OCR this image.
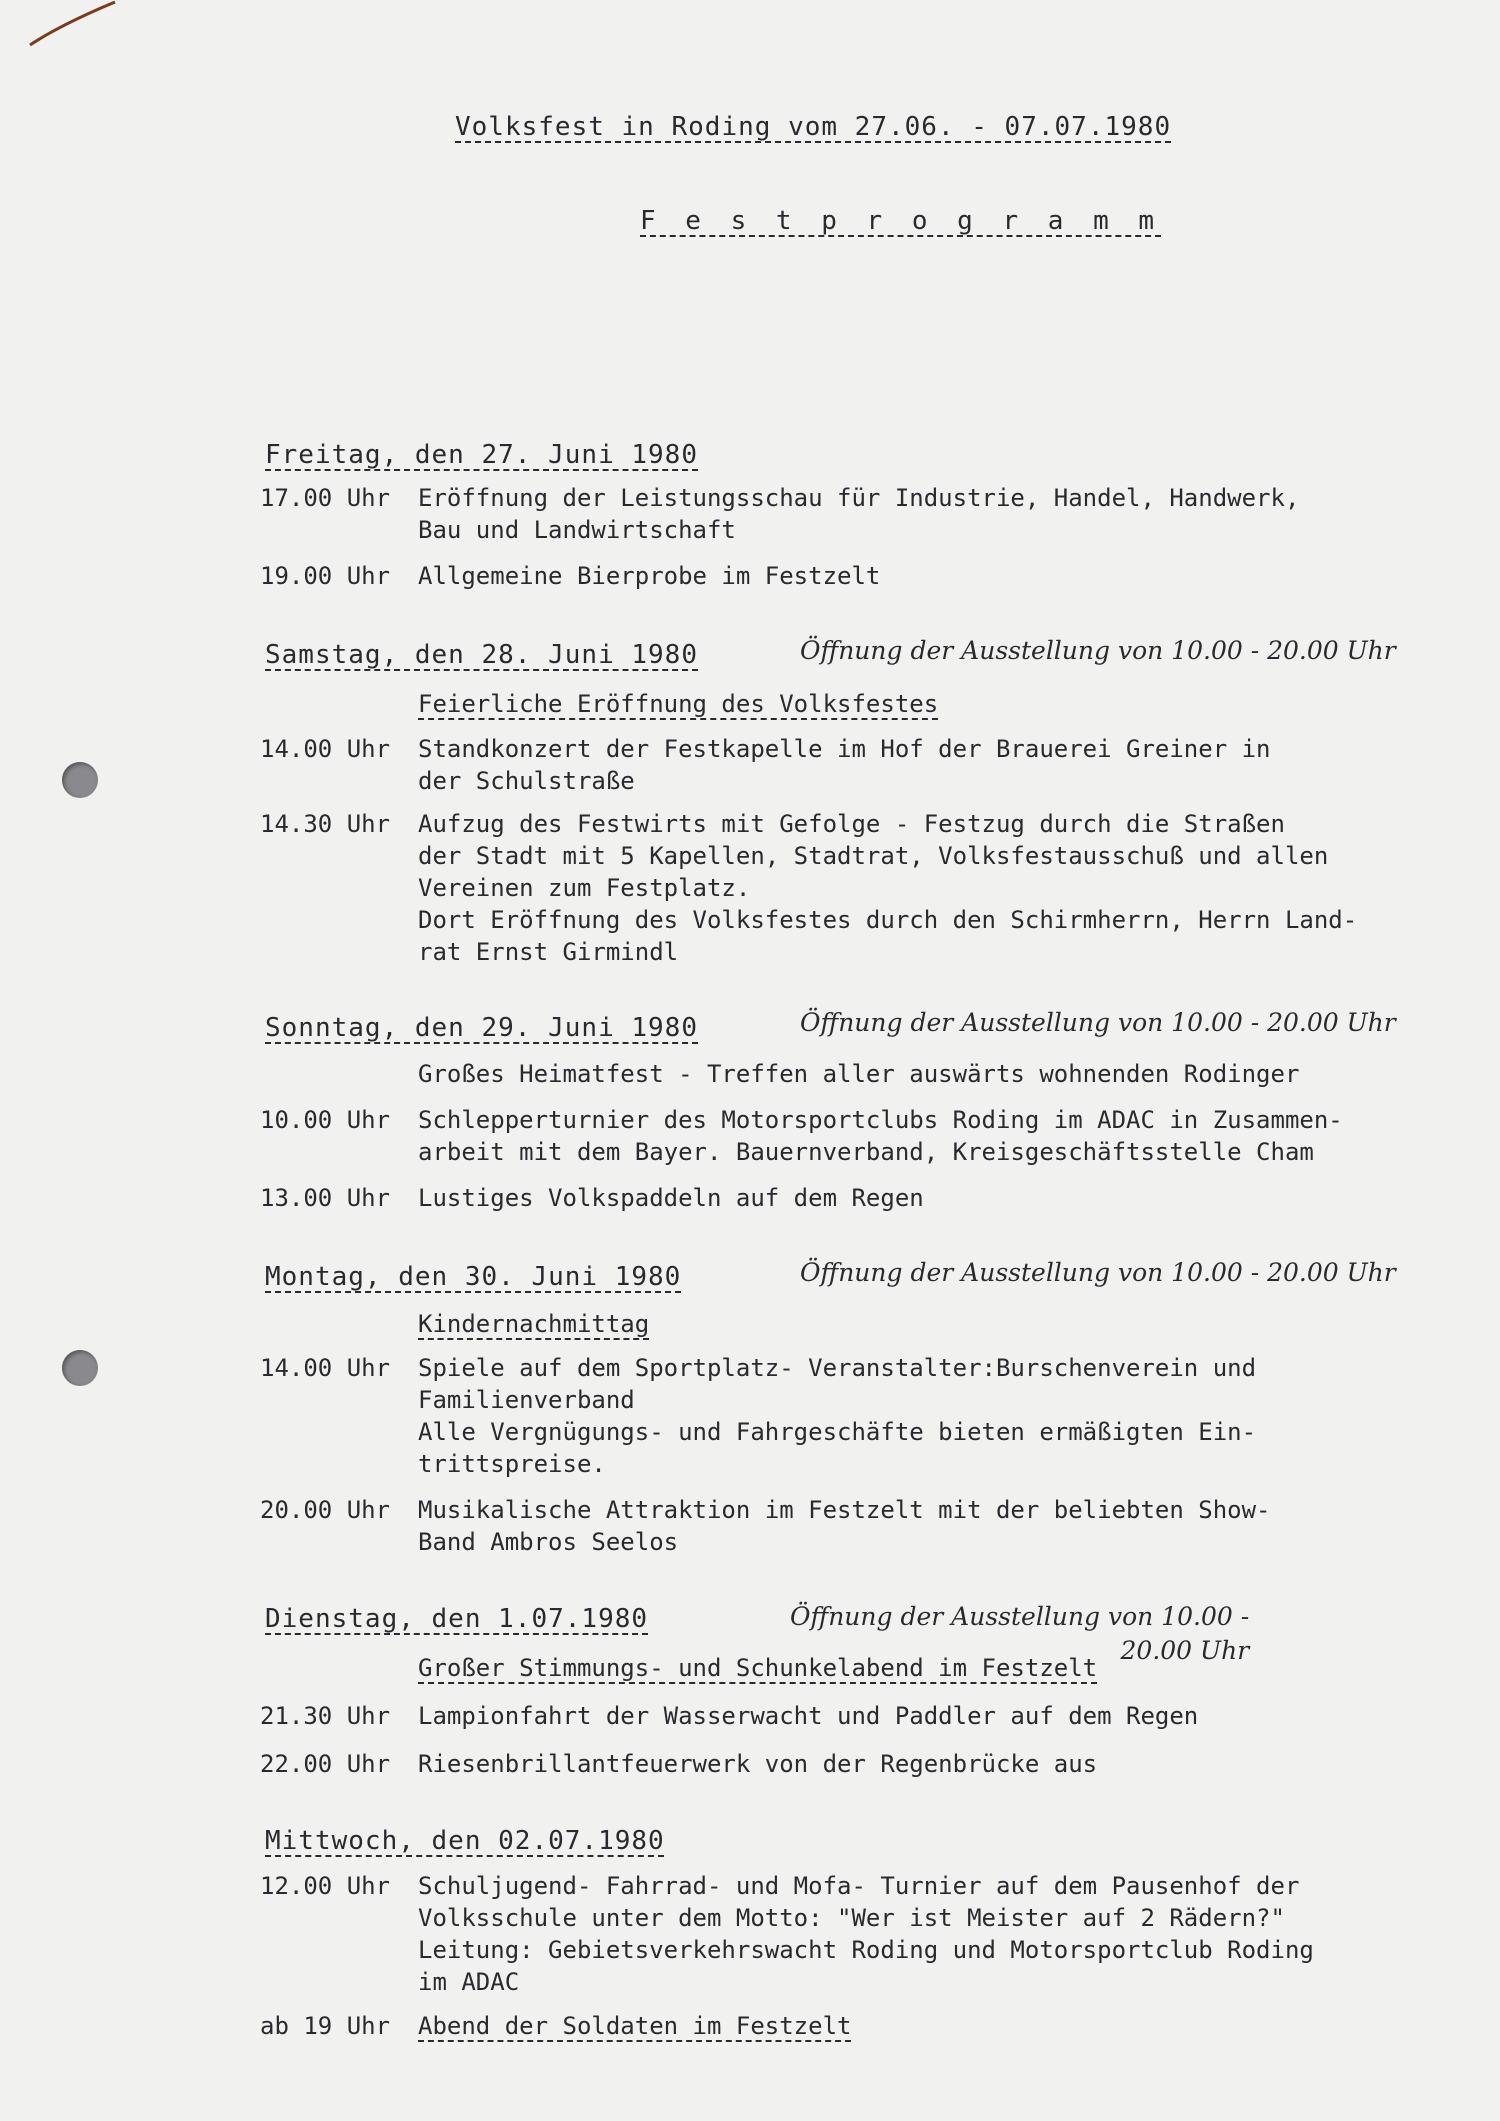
Volksfest in Roding vom 27.06. - 07.07.1980
F e s t p r o g r a m m
Freitag, den 27. Juni 1980
17.00 Uhr Eröffnung der Leistungsschau für Industrie, Handel, Handwerk,
Bau und Landwirtschaft
19.00 Uhr Allgemeine Bierprobe im Festzelt
Samstag, den 28. Juni 1980	Öffnung der Ausstellung von 10.00 - 20.00 Uhr
Feierliche Eröffnung des Volksfestes
14.00 Uhr Standkonzert der Festkapelle im Hof der Brauerei Greiner in
der Schulstraße
14.30 Uhr Aufzug des Festwirts mit Gefolge - Festzug durch die Straßen
der Stadt mit 5 Kapellen, Stadtrat, Volksfestausschuß und allen
Vereinen zum Festplatz.
Dort Eröffnung des Volksfestes durch den Schirmherrn, Herrn Land-
rat Ernst Girmindl
Sonntag, den 29. Juni 1980	Öffnung der Ausstellung von 10.00 - 20.00 Uhr
Großes Heimatfest - Treffen aller auswärts wohnenden Rodinger
10.00 Uhr Schlepperturnier des Motorsportclubs Roding im ADAC in Zusammen-
arbeit mit dem Bayer. Bauernverband, Kreisgeschäftsstelle Cham
13.00 Uhr Lustiges Volkspaddeln auf dem Regen
Montag, den 30. Juni 1980	Öffnung der Ausstellung von 10.00 - 20.00 Uhr
Kindernachmittag
14.00 Uhr Spiele auf dem Sportplatz- Veranstalter:Burschenverein und
Familienverband
Alle Vergnügungs- und Fahrgeschäfte bieten ermäßigten Ein-
trittspreise.
20.00 Uhr Musikalische Attraktion im Festzelt mit der beliebten Show-
Band Ambros Seelos
Dienstag, den 1.07.1980	Öffnung der Ausstellung von 10.00 -
20.00 Uhr
Großer Stimmungs- und Schunkelabend im Festzelt
21.30 Uhr Lampionfahrt der Wasserwacht und Paddler auf dem Regen
22.00 Uhr Riesenbrillantfeuerwerk von der Regenbrücke aus
Mittwoch, den 02.07.1980
12.00 Uhr Schuljugend- Fahrrad- und Mofa- Turnier auf dem Pausenhof der
Volksschule unter dem Motto: "Wer ist Meister auf 2 Rädern?"
Leitung: Gebietsverkehrswacht Roding und Motorsportclub Roding
im ADAC
ab 19 Uhr Abend der Soldaten im Festzelt
